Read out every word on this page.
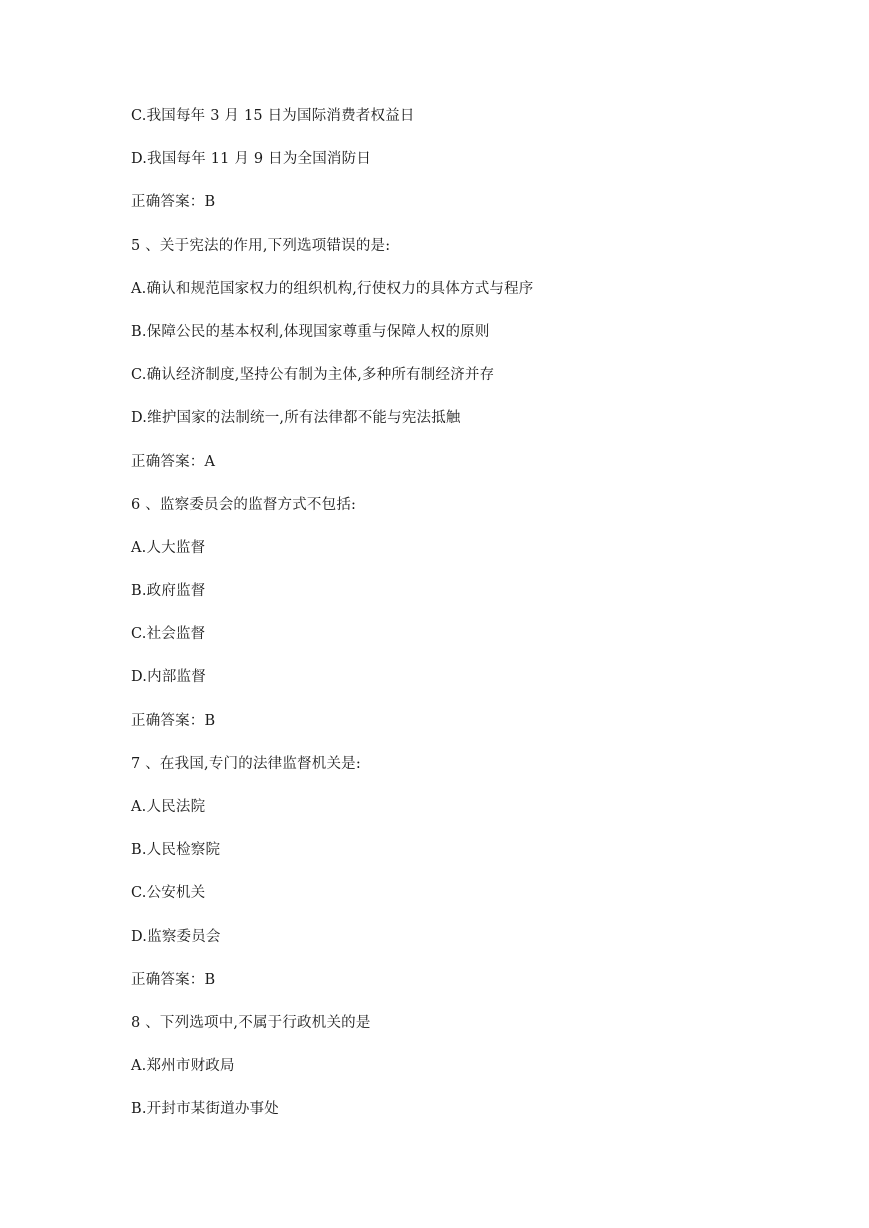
C.我国每年 3 月 15 日为国际消费者权益日
D.我国每年 11 月 9 日为全国消防日
正确答案：B
5 、关于宪法的作用,下列选项错误的是:
A.确认和规范国家权力的组织机构,行使权力的具体方式与程序
B.保障公民的基本权利,体现国家尊重与保障人权的原则
C.确认经济制度,坚持公有制为主体,多种所有制经济并存
D.维护国家的法制统一,所有法律都不能与宪法抵触
正确答案：A
6 、监察委员会的监督方式不包括:
A.人大监督
B.政府监督
C.社会监督
D.内部监督
正确答案：B
7 、在我国,专门的法律监督机关是:
A.人民法院
B.人民检察院
C.公安机关
D.监察委员会
正确答案：B
8 、下列选项中,不属于行政机关的是
A.郑州市财政局
B.开封市某街道办事处
